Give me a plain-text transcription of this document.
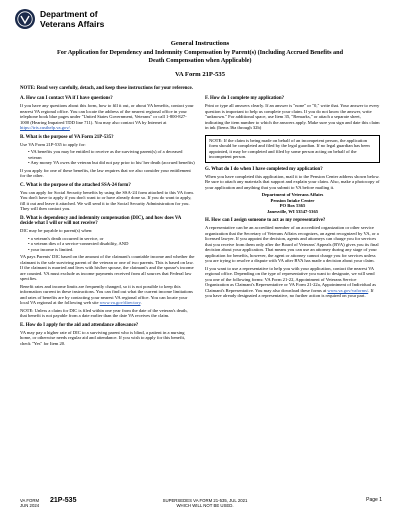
Department of
Veterans Affairs
General Instructions
For Application for Dependency and Indemnity Compensation by Parent(s) (Including Accrued Benefits and
Death Compensation when Applicable)
VA Form 21P-535
NOTE: Read very carefully, detach, and keep these instructions for your reference.
A. How can I contact VA if I have questions?

If you have any questions about this form, how to fill it out, or about VA benefits, contact your nearest VA regional office. You can locate the address of the nearest regional office in your telephone book blue pages under "United States Government, Veterans" or call 1-800-827-1000 (Hearing Impaired TDD line 711). You may also contact VA by Internet at https://iris.custhelp.va.gov/.

B. What is the purpose of VA Form 21P-535?

Use VA Form 21P-535 to apply for:

• VA benefits you may be entitled to receive as the surviving parent(s) of a deceased veteran
• Any money VA owes the veteran but did not pay prior to his/ her death (accrued benefits)

If you apply for one of these benefits, the law requires that we also consider your entitlement for the other.

C. What is the purpose of the attached SSA-24 form?

You can apply for Social Security benefits by using the SSA-24 form attached to this VA form. You don't have to apply if you don't want to or have already done so. If you do want to apply, fill it out and leave it attached. We will send it to the Social Security Administration for you. They will then contact you.

D. What is dependency and indemnity compensation (DIC), and how does VA decide what I will or will not receive?

DIC may be payable to parent(s) when:

• a veteran's death occurred in service, or
• a veteran dies of a service-connected disability, AND
• your income is limited.

VA pays Parents' DIC based on the amount of the claimant's countable income and whether the claimant is the sole surviving parent of the veteran or one of two parents. This is based on law. If the claimant is married and lives with his/her spouse, the claimant's and the spouse's income are counted. VA must exclude as income payments received from all sources that Federal law specifies.

Benefit rates and income limits are frequently changed, so it is not possible to keep this information current in these instructions. You can find out what the current income limitations and rates of benefits are by contacting your nearest VA regional office. You can locate your local VA regional at the following web site www.va.gov/directory.

NOTE: Unless a claim for DIC is filed within one year from the date of the veteran's death, that benefit is not payable from a date earlier than the date VA receives the claim.

E. How do I apply for the aid and attendance allowance?

VA may pay a higher rate of DIC to a surviving parent who is blind, a patient in a nursing home, or otherwise needs regular aid and attendance. If you wish to apply for this benefit, check "Yes" for Item 20.

F. How do I complete my application?

Print or type all answers clearly. If an answer is "none" or "0," write that. Your answer to every question is important to help us complete your claim. If you do not know the answer, write "unknown." For additional space, use Item 35, "Remarks," or attach a separate sheet, indicating the item number to which the answers apply. Make sure you sign and date this claim in ink (Items 36a through 32b)

NOTE: If the claim is being made on behalf of an incompetent person, the application form should be completed and filed by the legal guardian. If no legal guardian has been appointed, it may be completed and filed by some person acting on behalf of the incompetent person.
G. What do I do when I have completed my application?

When you have completed this application, mail it to the Pension Center address shown below. Be sure to attach any materials that support and explain your claim. Also, make a photocopy of your application and anything that you submit to VA before mailing it.

Department of Veterans Affairs
Pension Intake Center
PO Box 5365
Janesville, WI 53547-5365
H. How can I assign someone to act as my representative?

A representative can be an accredited member of an accredited organization or other service organization that the Secretary of Veterans Affairs recognizes, an agent recognized by VA, or a licensed lawyer. If you appoint the decision, agents and attorneys can charge you for services that you receive from them only after the Board of Veterans' Appeals (BVA) gives you its final decision about your application. That means you can use an attorney during any stage of your application for benefits, however, the agent or attorney cannot charge you for services unless you are trying to resolve a dispute with VA after BVA has made a decision about your claim.

If you want to use a representative to help you with your application, contact the nearest VA regional office. Depending on the type of representative you want to designate, we will send you one of the following forms: VA Form 21-22, Appointment of Veterans Service Organization as Claimant's Representative or VA Form 21-22a, Appointment of Individual as Claimant's Representative. You may also download these forms at www.va.gov/vaforms/. If you have already designated a representative, no further action is required on your part.

VA FORM
JUN 2024
21P-535	SUPERSEDES VA FORM 21-535, JUL 2021
WHICH WILL NOT BE USED.
Page 1
